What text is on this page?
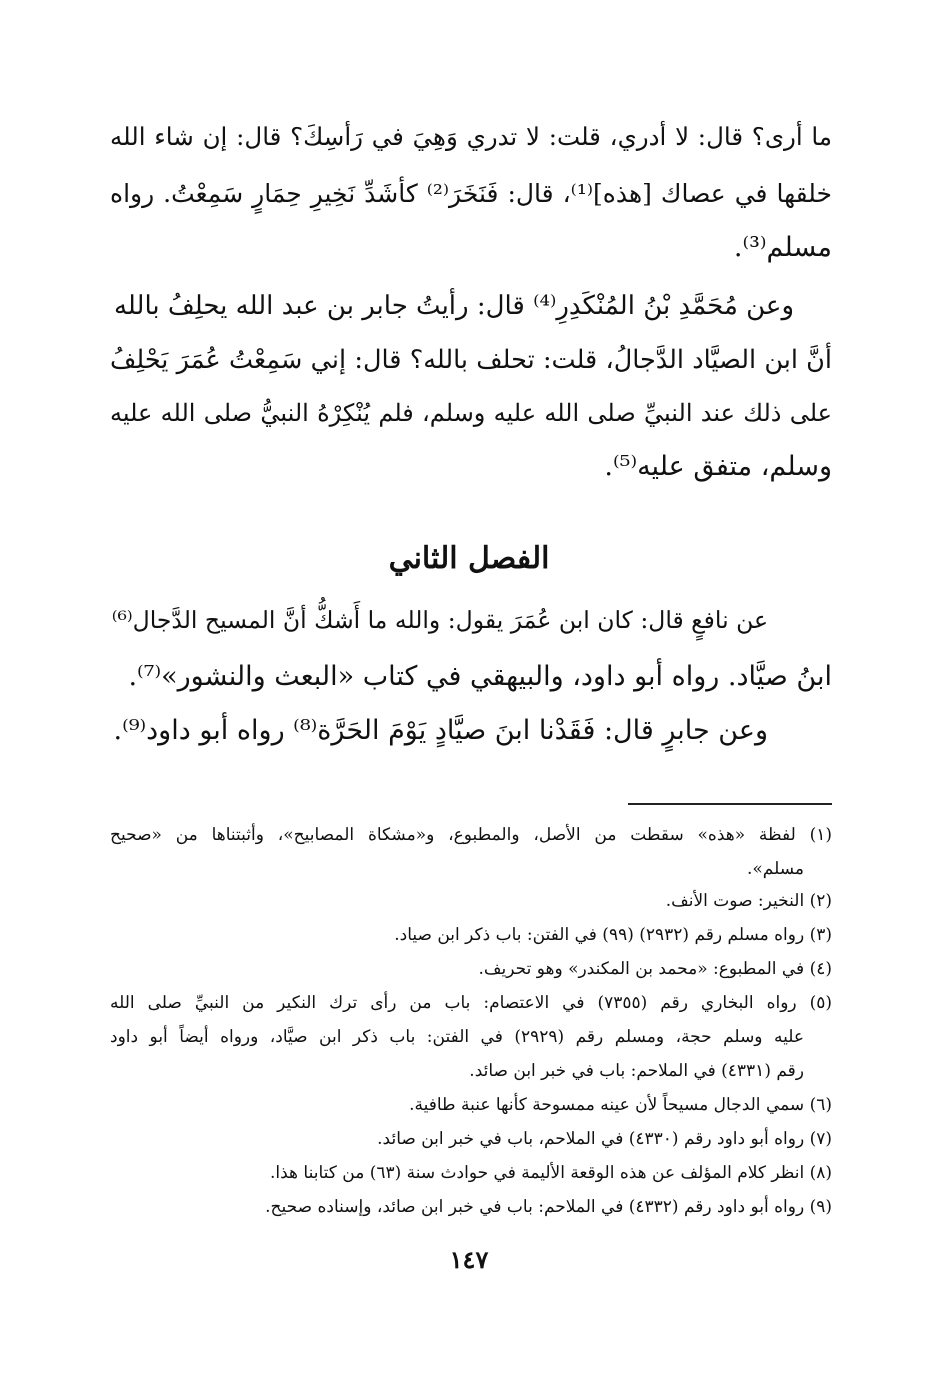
ما أرى؟ قال: لا أدري، قلت: لا تدري وَهِيَ في رَأسِكَ؟ قال: إن شاء الله
خلقها في عصاك [هذه]⁽¹⁾، قال: فَنَخَرَ⁽²⁾ كأشَدِّ نَخِيرِ حِمَارٍ سَمِعْتُ. رواه
مسلم⁽³⁾.
وعن مُحَمَّدِ بْنُ المُنْكَدِرِ⁽⁴⁾ قال: رأيتُ جابر بن عبد الله يحلِفُ بالله
أنَّ ابن الصيَّاد الدَّجالُ، قلت: تحلف بالله؟ قال: إني سَمِعْتُ عُمَرَ يَحْلِفُ
على ذلك عند النبيِّ صلى الله عليه وسلم، فلم يُنْكِرْهُ النبيُّ صلى الله عليه
وسلم، متفق عليه⁽⁵⁾.
الفصل الثاني
عن نافعٍ قال: كان ابن عُمَرَ يقول: والله ما أَشكُّ أنَّ المسيح الدَّجال⁽⁶⁾
ابنُ صيَّاد. رواه أبو داود، والبيهقي في كتاب «البعث والنشور»⁽⁷⁾.
وعن جابرٍ قال: فَقَدْنا ابنَ صيَّادٍ يَوْمَ الحَرَّة⁽⁸⁾ رواه أبو داود⁽⁹⁾.
(١) لفظة «هذه» سقطت من الأصل، والمطبوع، و«مشكاة المصابيح»، وأثبتناها من «صحيح
مسلم».
(٢) النخير: صوت الأنف.
(٣) رواه مسلم رقم (٢٩٣٢) (٩٩) في الفتن: باب ذكر ابن صياد.
(٤) في المطبوع: «محمد بن المكندر» وهو تحريف.
(٥) رواه البخاري رقم (٧٣٥٥) في الاعتصام: باب من رأى ترك النكير من النبيِّ صلى الله
عليه وسلم حجة، ومسلم رقم (٢٩٢٩) في الفتن: باب ذكر ابن صيَّاد، ورواه أيضاً أبو داود
رقم (٤٣٣١) في الملاحم: باب في خبر ابن صائد.
(٦) سمي الدجال مسيحاً لأن عينه ممسوحة كأنها عنبة طافية.
(٧) رواه أبو داود رقم (٤٣٣٠) في الملاحم، باب في خبر ابن صائد.
(٨) انظر كلام المؤلف عن هذه الوقعة الأليمة في حوادث سنة (٦٣) من كتابنا هذا.
(٩) رواه أبو داود رقم (٤٣٣٢) في الملاحم: باب في خبر ابن صائد، وإسناده صحيح.
١٤٧
